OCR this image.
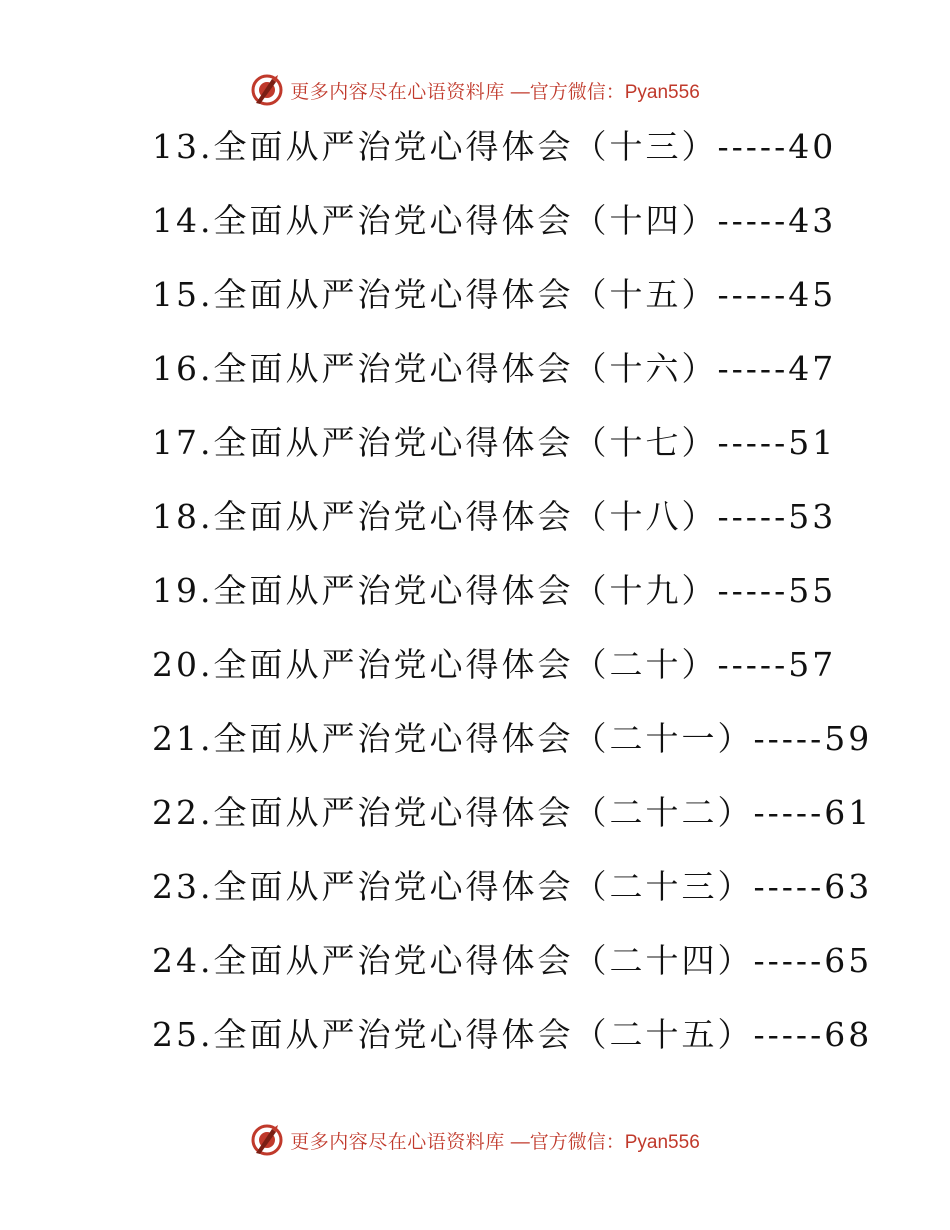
更多内容尽在心语资料库 —官方微信：Pyan556
13.全面从严治党心得体会（十三）-----40
14.全面从严治党心得体会（十四）-----43
15.全面从严治党心得体会（十五）-----45
16.全面从严治党心得体会（十六）-----47
17.全面从严治党心得体会（十七）-----51
18.全面从严治党心得体会（十八）-----53
19.全面从严治党心得体会（十九）-----55
20.全面从严治党心得体会（二十）-----57
21.全面从严治党心得体会（二十一）-----59
22.全面从严治党心得体会（二十二）-----61
23.全面从严治党心得体会（二十三）-----63
24.全面从严治党心得体会（二十四）-----65
25.全面从严治党心得体会（二十五）-----68
更多内容尽在心语资料库 —官方微信：Pyan556
